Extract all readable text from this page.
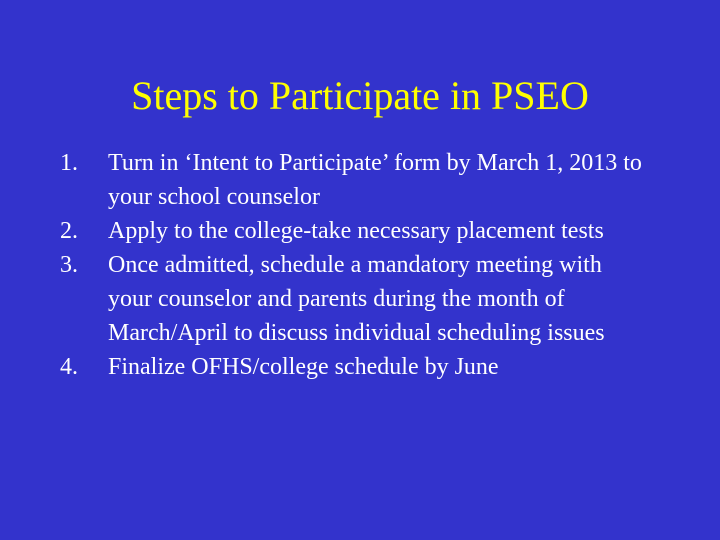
Steps to Participate in PSEO
1.	Turn in ‘Intent to Participate’ form by March 1, 2013 to your school counselor
2.	Apply to the college-take necessary placement tests
3.	Once admitted, schedule a mandatory meeting with your counselor and parents during the month of March/April to discuss individual scheduling issues
4.	Finalize OFHS/college schedule by June
